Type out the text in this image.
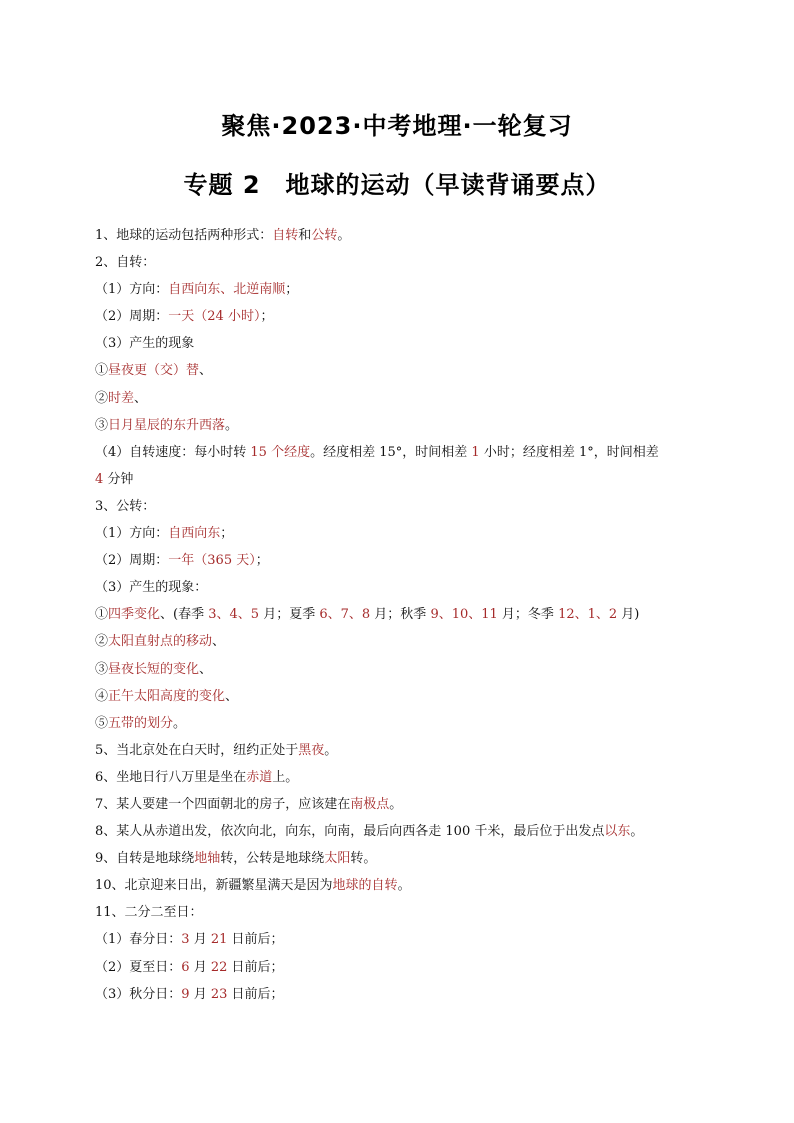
聚焦·2023·中考地理·一轮复习
专题 2　地球的运动（早读背诵要点）
1、地球的运动包括两种形式：自转和公转。
2、自转：
（1）方向：自西向东、北逆南顺；
（2）周期：一天（24 小时）；
（3）产生的现象
①昼夜更（交）替、
②时差、
③日月星辰的东升西落。
（4）自转速度：每小时转 15 个经度。经度相差 15°，时间相差 1 小时；经度相差 1°，时间相差
4 分钟
3、公转：
（1）方向：自西向东；
（2）周期：一年（365 天）；
（3）产生的现象：
①四季变化、(春季 3、4、5 月；夏季 6、7、8 月；秋季 9、10、11 月；冬季 12、1、2 月)
②太阳直射点的移动、
③昼夜长短的变化、
④正午太阳高度的变化、
⑤五带的划分。
5、当北京处在白天时，纽约正处于黑夜。
6、坐地日行八万里是坐在赤道上。
7、某人要建一个四面朝北的房子，应该建在南极点。
8、某人从赤道出发，依次向北，向东，向南，最后向西各走 100 千米，最后位于出发点以东。
9、自转是地球绕地轴转，公转是地球绕太阳转。
10、北京迎来日出，新疆繁星满天是因为地球的自转。
11、二分二至日：
（1）春分日：3 月 21 日前后；
（2）夏至日：6 月 22 日前后；
（3）秋分日：9 月 23 日前后；
